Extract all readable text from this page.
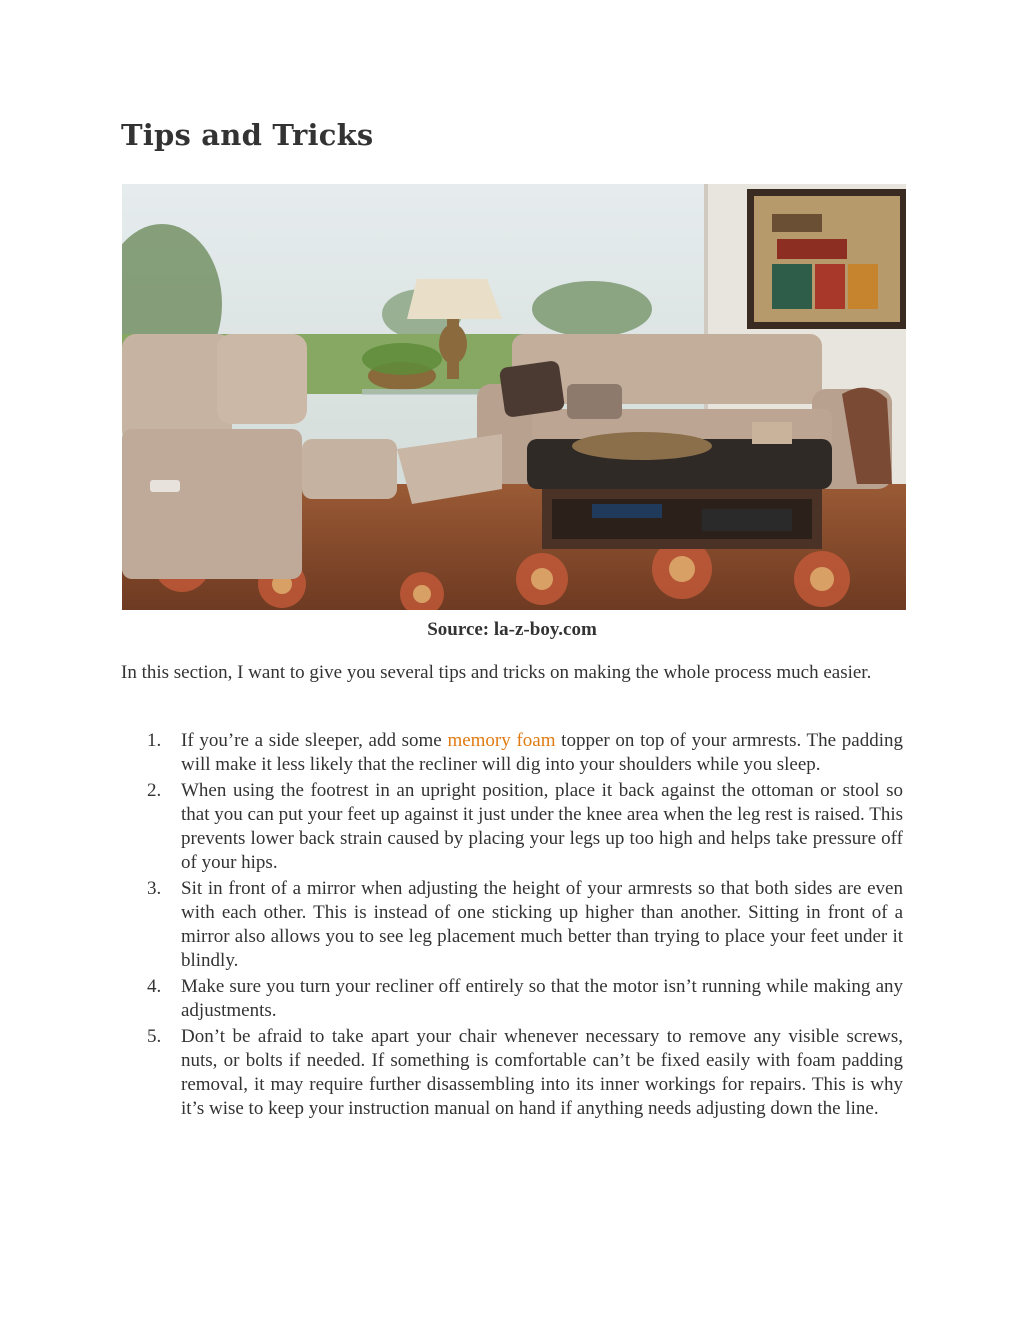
Tips and Tricks
Source: la-z-boy.com

In this section, I want to give you several tips and tricks on making the whole process much easier.

1. If you’re a side sleeper, add some memory foam topper on top of your armrests. The padding will make it less likely that the recliner will dig into your shoulders while you sleep.
2. When using the footrest in an upright position, place it back against the ottoman or stool so that you can put your feet up against it just under the knee area when the leg rest is raised. This prevents lower back strain caused by placing your legs up too high and helps take pressure off of your hips.
3. Sit in front of a mirror when adjusting the height of your armrests so that both sides are even with each other. This is instead of one sticking up higher than another. Sitting in front of a mirror also allows you to see leg placement much better than trying to place your feet under it blindly.
4. Make sure you turn your recliner off entirely so that the motor isn’t running while making any adjustments.
5. Don’t be afraid to take apart your chair whenever necessary to remove any visible screws, nuts, or bolts if needed. If something is comfortable can’t be fixed easily with foam padding removal, it may require further disassembling into its inner workings for repairs. This is why it’s wise to keep your instruction manual on hand if anything needs adjusting down the line.
